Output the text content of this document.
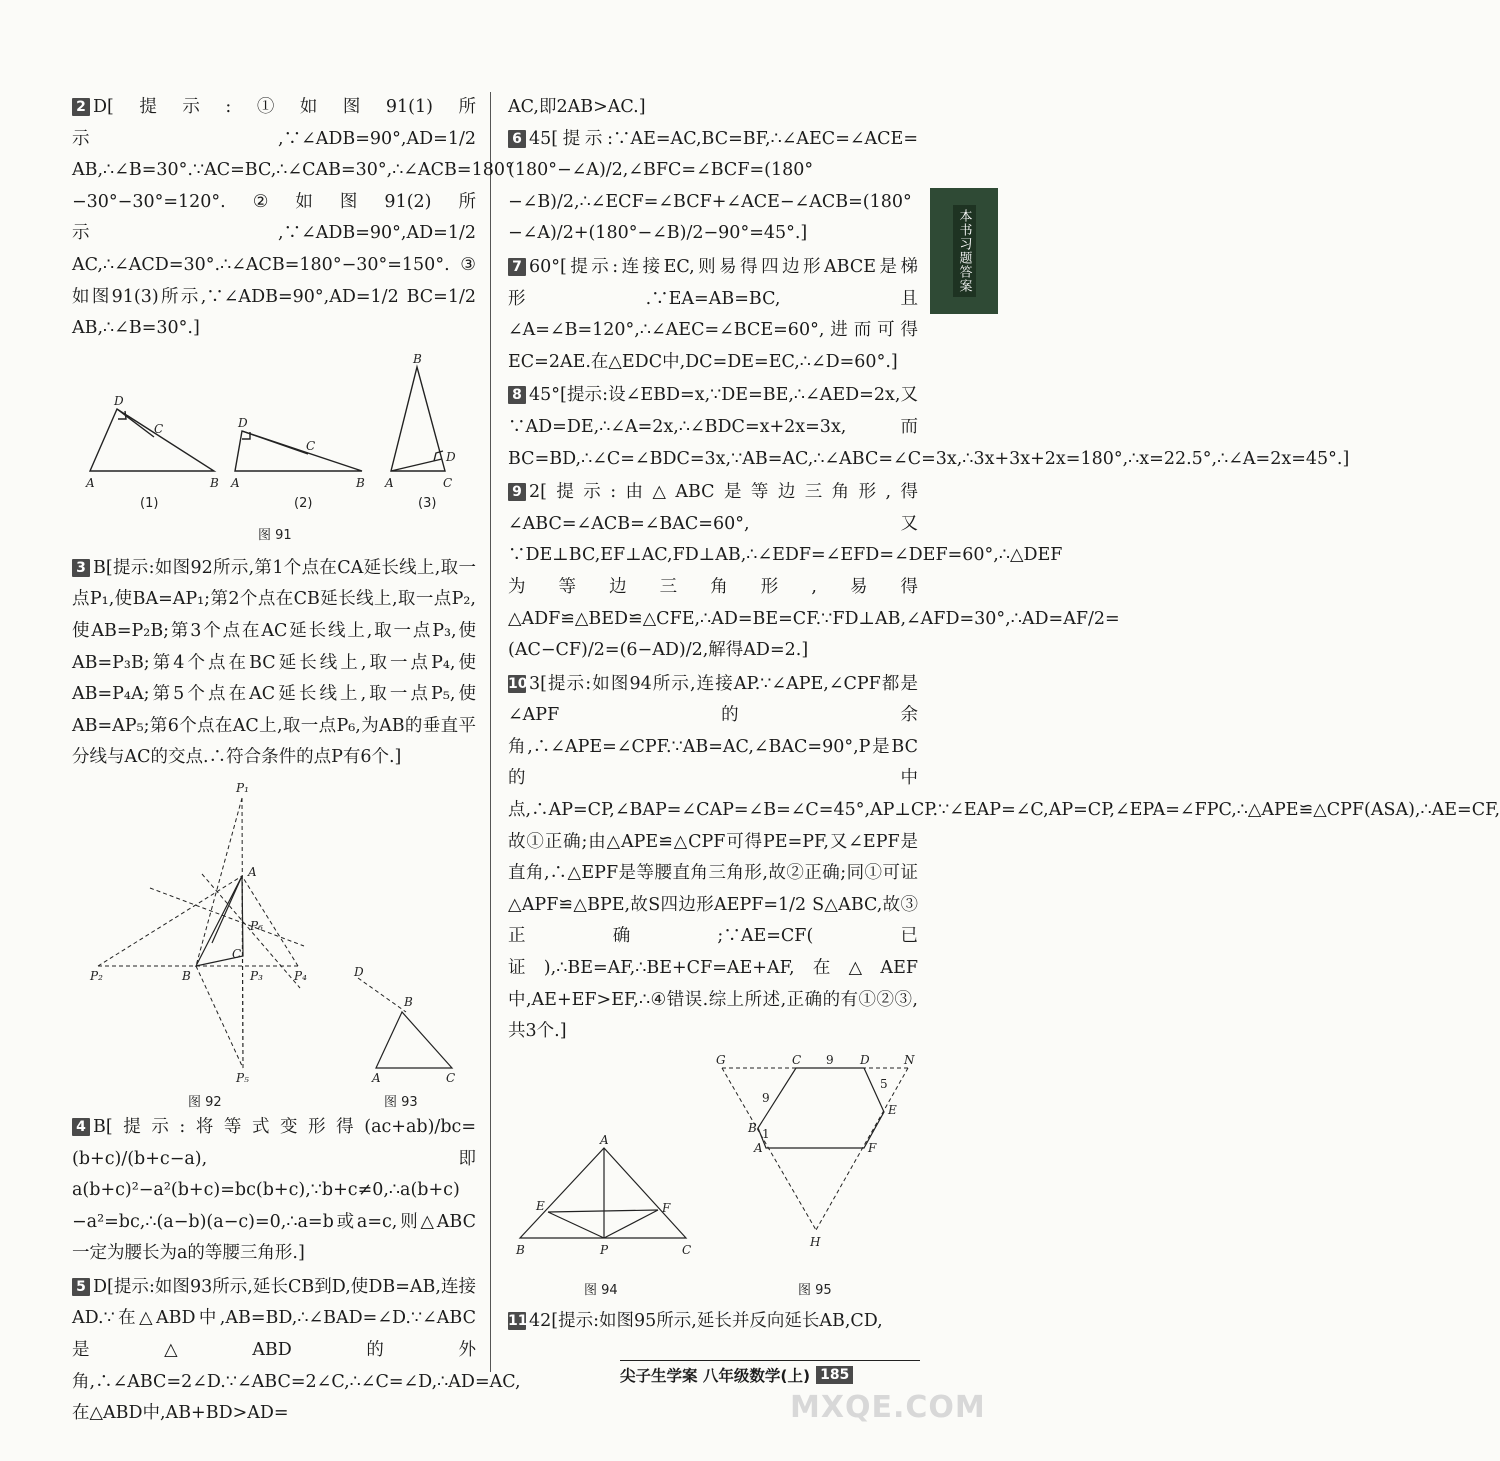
本书习题答案

2 D[提示:①如图91(1)所示,∵∠ADB=90°,AD=1/2 AB,∴∠B=30°.∵AC=BC,∴∠CAB=30°,∴∠ACB=180°−30°−30°=120°.②如图91(2)所示,∵∠ADB=90°,AD=1/2 AC,∴∠ACD=30°.∴∠ACB=180°−30°=150°.③如图91(3)所示,∵∠ADB=90°,AD=1/2 BC=1/2 AB,∴∠B=30°.]

D
C
A	B
D
C
A	B
B
D
A	C
(1)	(2)	(3)
图 91

3 B[提示:如图92所示,第1个点在CA延长线上,取一点P₁,使BA=AP₁;第2个点在CB延长线上,取一点P₂,使AB=P₂B;第3个点在AC延长线上,取一点P₃,使AB=P₃B;第4个点在BC延长线上,取一点P₄,使AB=P₄A;第5个点在AC延长线上,取一点P₅,使AB=AP₅;第6个点在AC上,取一点P₆,为AB的垂直平分线与AC的交点.∴符合条件的点P有6个.]

P₁
A
P₆
C
B	P₃
P₂	P₄
P₅
D
B
A	C
图 92	图 93

4 B[提示:将等式变形得(ac+ab)/bc=(b+c)/(b+c−a),即a(b+c)²−a²(b+c)=bc(b+c),∵b+c≠0,∴a(b+c)−a²=bc,∴(a−b)(a−c)=0,∴a=b或a=c,则△ABC一定为腰长为a的等腰三角形.]

5 D[提示:如图93所示,延长CB到D,使DB=AB,连接AD.∵在△ABD中,AB=BD,∴∠BAD=∠D.∵∠ABC是△ABD的外角,∴∠ABC=2∠D.∵∠ABC=2∠C,∴∠C=∠D,∴AD=AC,在△ABD中,AB+BD>AD=

AC,即2AB>AC.]

6 45[提示:∵AE=AC,BC=BF,∴∠AEC=∠ACE=(180°−∠A)/2,∠BFC=∠BCF=(180°−∠B)/2,∴∠ECF=∠BCF+∠ACE−∠ACB=(180°−∠A)/2+(180°−∠B)/2−90°=45°.]

7 60°[提示:连接EC,则易得四边形ABCE是梯形.∵EA=AB=BC,且∠A=∠B=120°,∴∠AEC=∠BCE=60°,进而可得EC=2AE.在△EDC中,DC=DE=EC,∴∠D=60°.]

8 45°[提示:设∠EBD=x,∵DE=BE,∴∠AED=2x,又∵AD=DE,∴∠A=2x,∴∠BDC=x+2x=3x,而BC=BD,∴∠C=∠BDC=3x,∵AB=AC,∴∠ABC=∠C=3x,∴3x+3x+2x=180°,∴x=22.5°,∴∠A=2x=45°.]

9 2[提示:由△ABC是等边三角形,得∠ABC=∠ACB=∠BAC=60°,又∵DE⊥BC,EF⊥AC,FD⊥AB,∴∠EDF=∠EFD=∠DEF=60°,∴△DEF为等边三角形,易得△ADF≌△BED≌△CFE,∴AD=BE=CF.∵FD⊥AB,∠AFD=30°,∴AD=AF/2=(AC−CF)/2=(6−AD)/2,解得AD=2.]

103[提示:如图94所示,连接AP.∵∠APE,∠CPF都是∠APF的余角,∴∠APE=∠CPF.∵AB=AC,∠BAC=90°,P是BC的中点,∴AP=CP,∠BAP=∠CAP=∠B=∠C=45°,AP⊥CP.∵∠EAP=∠C,AP=CP,∠EPA=∠FPC,∴△APE≌△CPF(ASA),∴AE=CF,故①正确;由△APE≌△CPF可得PE=PF,又∠EPF是直角,∴△EPF是等腰直角三角形,故②正确;同①可证△APF≌△BPE,故S四边形AEPF=1/2 S△ABC,故③正确;∵AE=CF(已证),∴BE=AF,∴BE+CF=AE+AF,在△AEF中,AE+EF>EF,∴④错误.综上所述,正确的有①②③,共3个.]

A
E	F
B	P	C
G	C	D	N
E
B
A	F
H
9
9
5
1
图 94	图 95

1142[提示:如图95所示,延长并反向延长AB,CD,

尖子生学案 八年级数学(上) 185
MXQE.COM
